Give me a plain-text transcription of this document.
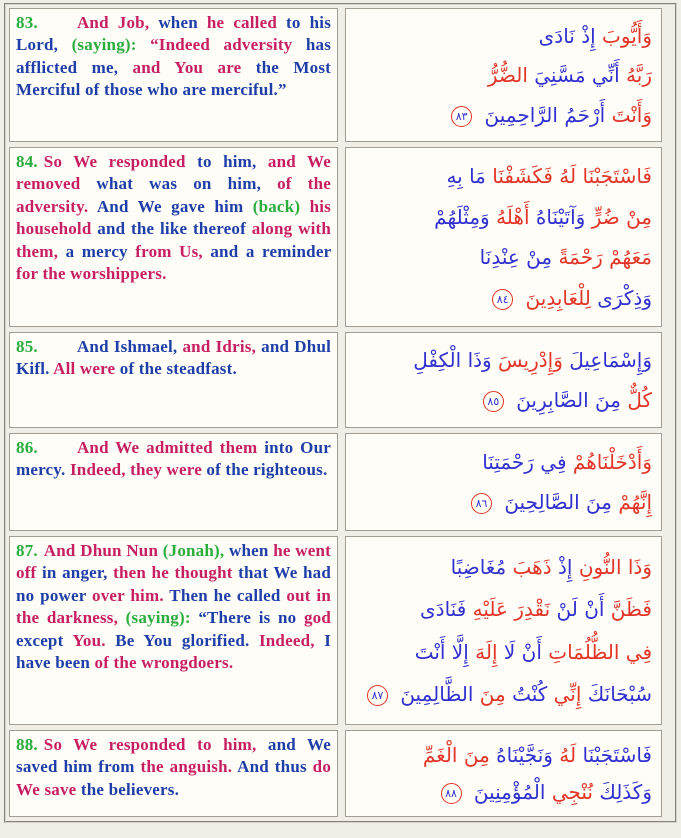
83. And Job, when he called to his Lord, (saying): “Indeed adversity has afflicted me, and You are the Most Merciful of those who are merciful.”
وَأَيُّوبَ إِذْ نَادَى
رَبَّهُ أَنِّي مَسَّنِيَ الضُّرُّ
وَأَنْتَ أَرْحَمُ الرَّاحِمِينَ ٨٣
84. So We responded to him, and We removed what was on him, of the adversity. And We gave him (back) his household and the like thereof along with them, a mercy from Us, and a reminder for the worshippers.
فَاسْتَجَبْنَا لَهُ فَكَشَفْنَا مَا بِهِ
مِنْ ضُرٍّ وَآتَيْنَاهُ أَهْلَهُ وَمِثْلَهُمْ
مَعَهُمْ رَحْمَةً مِنْ عِنْدِنَا
وَذِكْرَى لِلْعَابِدِينَ ٨٤
85. And Ishmael, and Idris, and Dhul Kifl. All were of the steadfast.	وَإِسْمَاعِيلَ وَإِدْرِيسَ وَذَا الْكِفْلِ
كُلٌّ مِنَ الصَّابِرِينَ ٨٥
86. And We admitted them into Our mercy. Indeed, they were of the righteous.	وَأَدْخَلْنَاهُمْ فِي رَحْمَتِنَا
إِنَّهُمْ مِنَ الصَّالِحِينَ ٨٦
87. And Dhun Nun (Jonah), when he went off in anger, then he thought that We had no power over him. Then he called out in the darkness, (saying): “There is no god except You. Be You glorified. Indeed, I have been of the wrongdoers.
وَذَا النُّونِ إِذْ ذَهَبَ مُغَاضِبًا
فَظَنَّ أَنْ لَنْ نَقْدِرَ عَلَيْهِ فَنَادَى
فِي الظُّلُمَاتِ أَنْ لَا إِلَهَ إِلَّا أَنْتَ
سُبْحَانَكَ إِنِّي كُنْتُ مِنَ الظَّالِمِينَ ٨٧
88. So We responded to him, and We saved him from the anguish. And thus do We save the believers.
فَاسْتَجَبْنَا لَهُ وَنَجَّيْنَاهُ مِنَ الْغَمِّ
وَكَذَلِكَ نُنْجِي الْمُؤْمِنِينَ ٨٨
